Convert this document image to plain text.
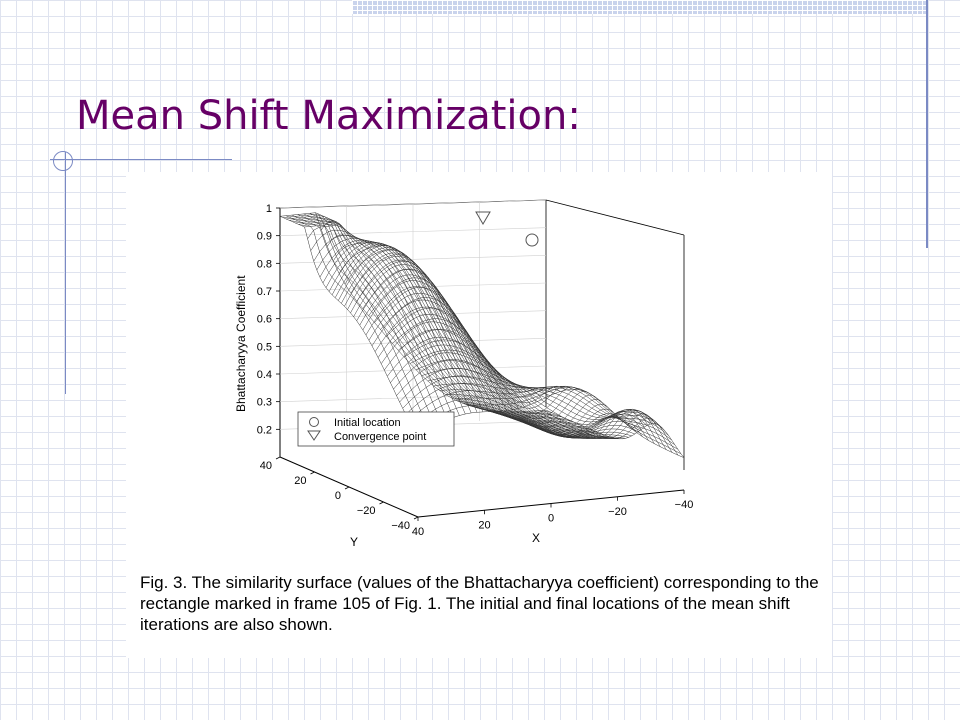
Mean Shift Maximization:
1
0.9
0.8
0.7
0.6
0.5
0.4
0.3
0.2
40
20
0
−20
−40
40
20
0
−20
−40
Bhattacharyya Coefficient
X
Y
Initial location
Convergence point

Fig. 3. The similarity surface (values of the Bhattacharyya coefficient) corresponding to the rectangle marked in frame 105 of Fig. 1. The initial and final locations of the mean shift iterations are also shown.
